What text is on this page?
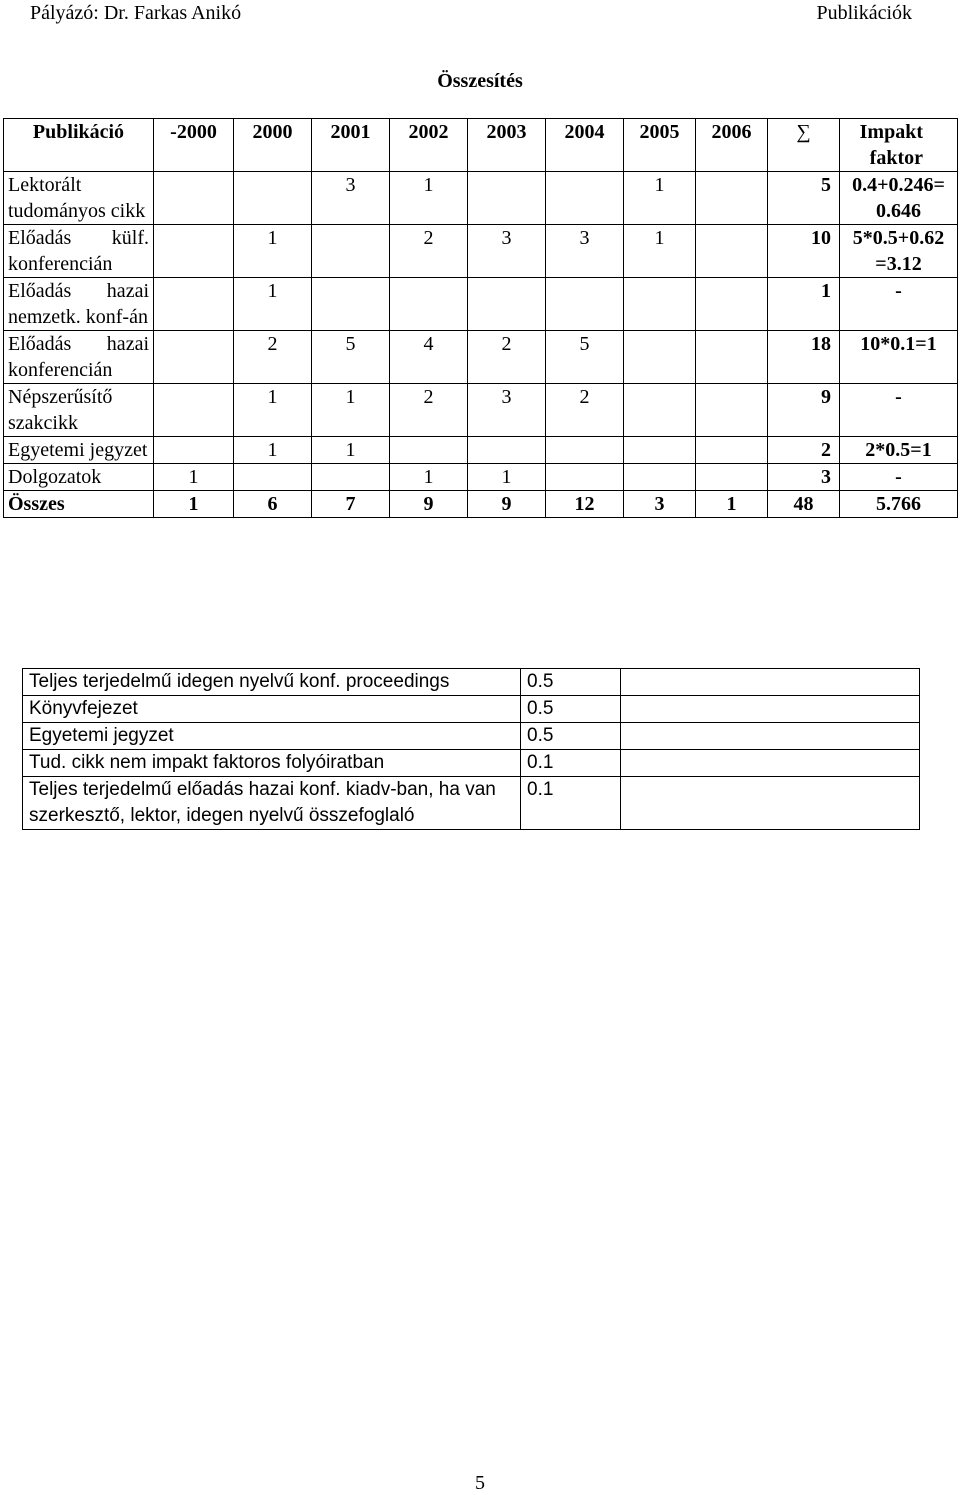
Pályázó: Dr. Farkas Anikó	Publikációk
Összesítés
Publikáció	-2000	2000	2001	2002	2003	2004	2005	2006	∑	Impakt faktor
Lektorált tudományos cikk			3	1			1		5	0.4+0.246= 0.646
Előadás külf. konferencián		1		2	3	3	1		10	5*0.5+0.62 =3.12
Előadás hazai nemzetk. konf-án		1							1	-
Előadás hazai konferencián		2	5	4	2	5			18	10*0.1=1
Népszerűsítő szakcikk		1	1	2	3	2			9	-
Egyetemi jegyzet		1	1						2	2*0.5=1
Dolgozatok	1			1	1				3	-
Összes	1	6	7	9	9	12	3	1	48	5.766
Teljes terjedelmű idegen nyelvű konf. proceedings	0.5	
Könyvfejezet	0.5	
Egyetemi jegyzet	0.5	
Tud. cikk nem impakt faktoros folyóiratban	0.1	
Teljes terjedelmű előadás hazai konf. kiadv-ban, ha van szerkesztő, lektor, idegen nyelvű összefoglaló	0.1	
5
